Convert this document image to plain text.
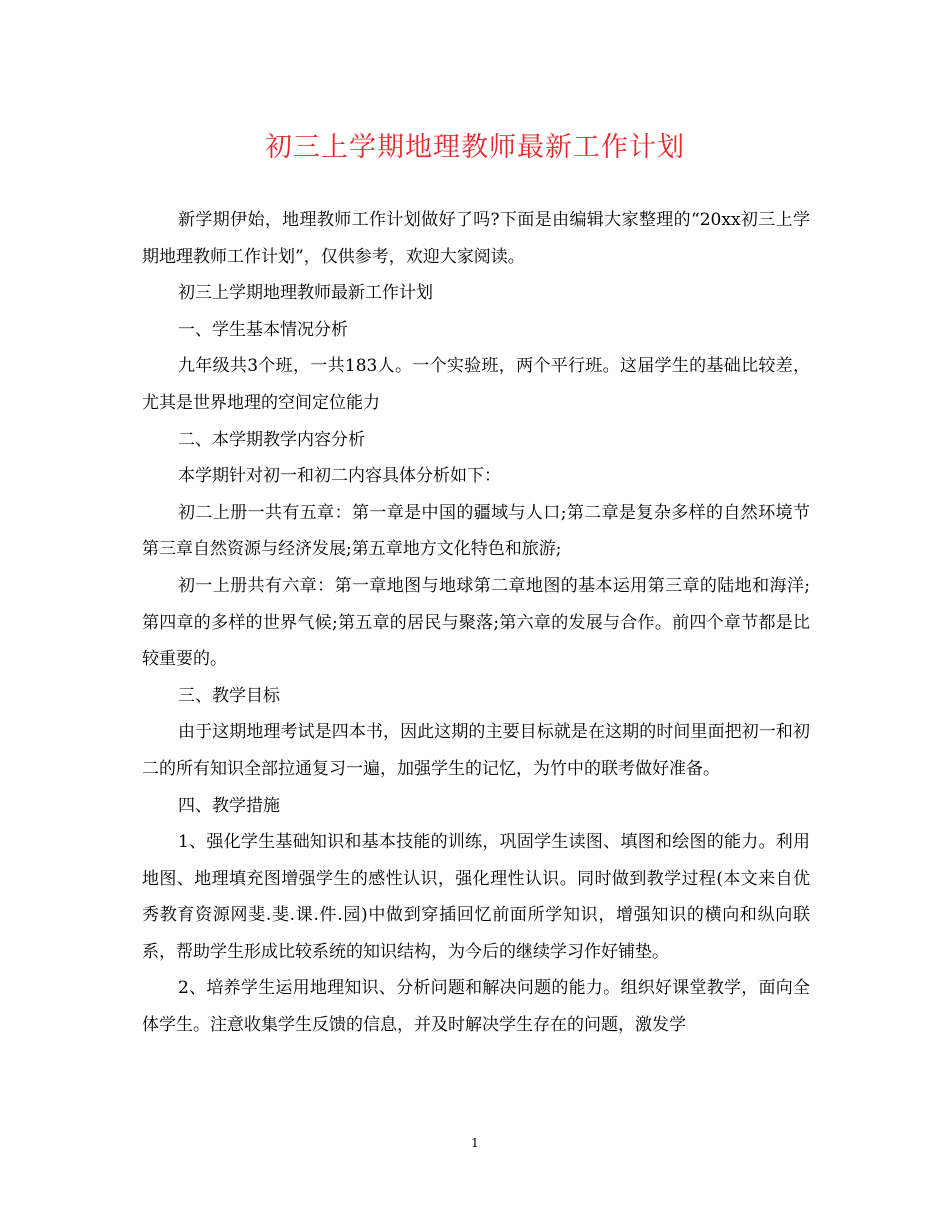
初三上学期地理教师最新工作计划

新学期伊始，地理教师工作计划做好了吗?下面是由编辑大家整理的“20xx初三上学期地理教师工作计划”，仅供参考，欢迎大家阅读。

初三上学期地理教师最新工作计划

一、学生基本情况分析

九年级共3个班，一共183人。一个实验班，两个平行班。这届学生的基础比较差，尤其是世界地理的空间定位能力

二、本学期教学内容分析

本学期针对初一和初二内容具体分析如下：

初二上册一共有五章：第一章是中国的疆域与人口;第二章是复杂多样的自然环境节第三章自然资源与经济发展;第五章地方文化特色和旅游;

初一上册共有六章：第一章地图与地球第二章地图的基本运用第三章的陆地和海洋;第四章的多样的世界气候;第五章的居民与聚落;第六章的发展与合作。前四个章节都是比较重要的。

三、教学目标

由于这期地理考试是四本书，因此这期的主要目标就是在这期的时间里面把初一和初二的所有知识全部拉通复习一遍，加强学生的记忆，为竹中的联考做好准备。

四、教学措施

1、强化学生基础知识和基本技能的训练，巩固学生读图、填图和绘图的能力。利用地图、地理填充图增强学生的感性认识，强化理性认识。同时做到教学过程(本文来自优秀教育资源网斐.斐.课.件.园)中做到穿插回忆前面所学知识，增强知识的横向和纵向联系，帮助学生形成比较系统的知识结构，为今后的继续学习作好铺垫。

2、培养学生运用地理知识、分析问题和解决问题的能力。组织好课堂教学，面向全体学生。注意收集学生反馈的信息，并及时解决学生存在的问题，激发学

1
